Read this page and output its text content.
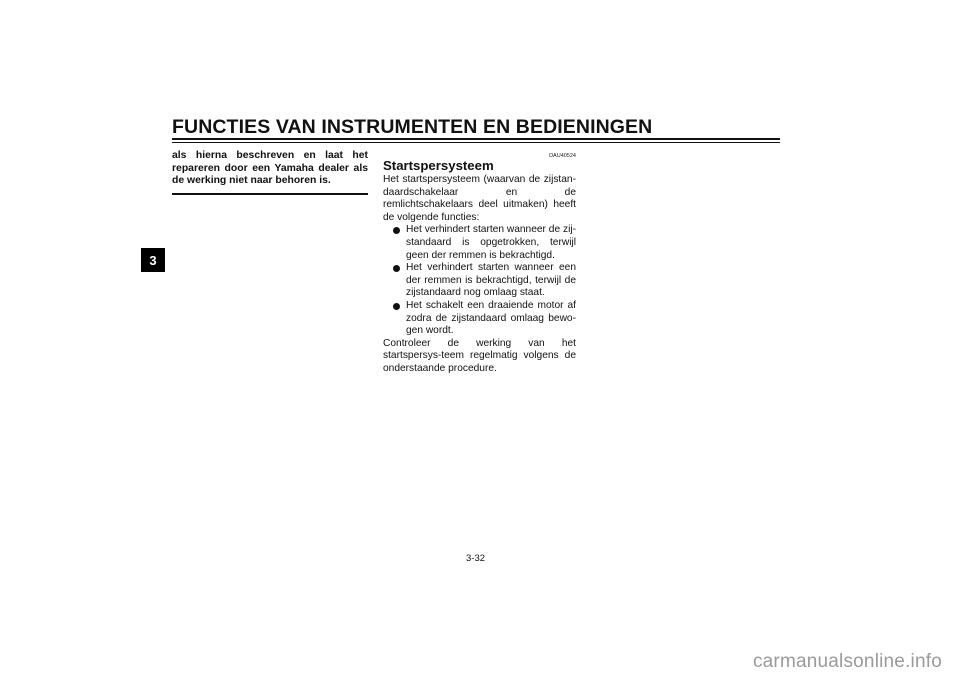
FUNCTIES VAN INSTRUMENTEN EN BEDIENINGEN
3
als hierna beschreven en laat het repareren door een Yamaha dealer als de werking niet naar behoren is.
DAU40524
Startspersysteem

Het startspersysteem (waarvan de zijstan-daardschakelaar en de remlichtschakelaars deel uitmaken) heeft de volgende functies:

Het verhindert starten wanneer de zij-standaard is opgetrokken, terwijl geen der remmen is bekrachtigd.
Het verhindert starten wanneer een der remmen is bekrachtigd, terwijl de zijstandaard nog omlaag staat.
Het schakelt een draaiende motor af zodra de zijstandaard omlaag bewo-gen wordt.

Controleer de werking van het startspersys-teem regelmatig volgens de onderstaande procedure.

3-32
carmanualsonline.info
